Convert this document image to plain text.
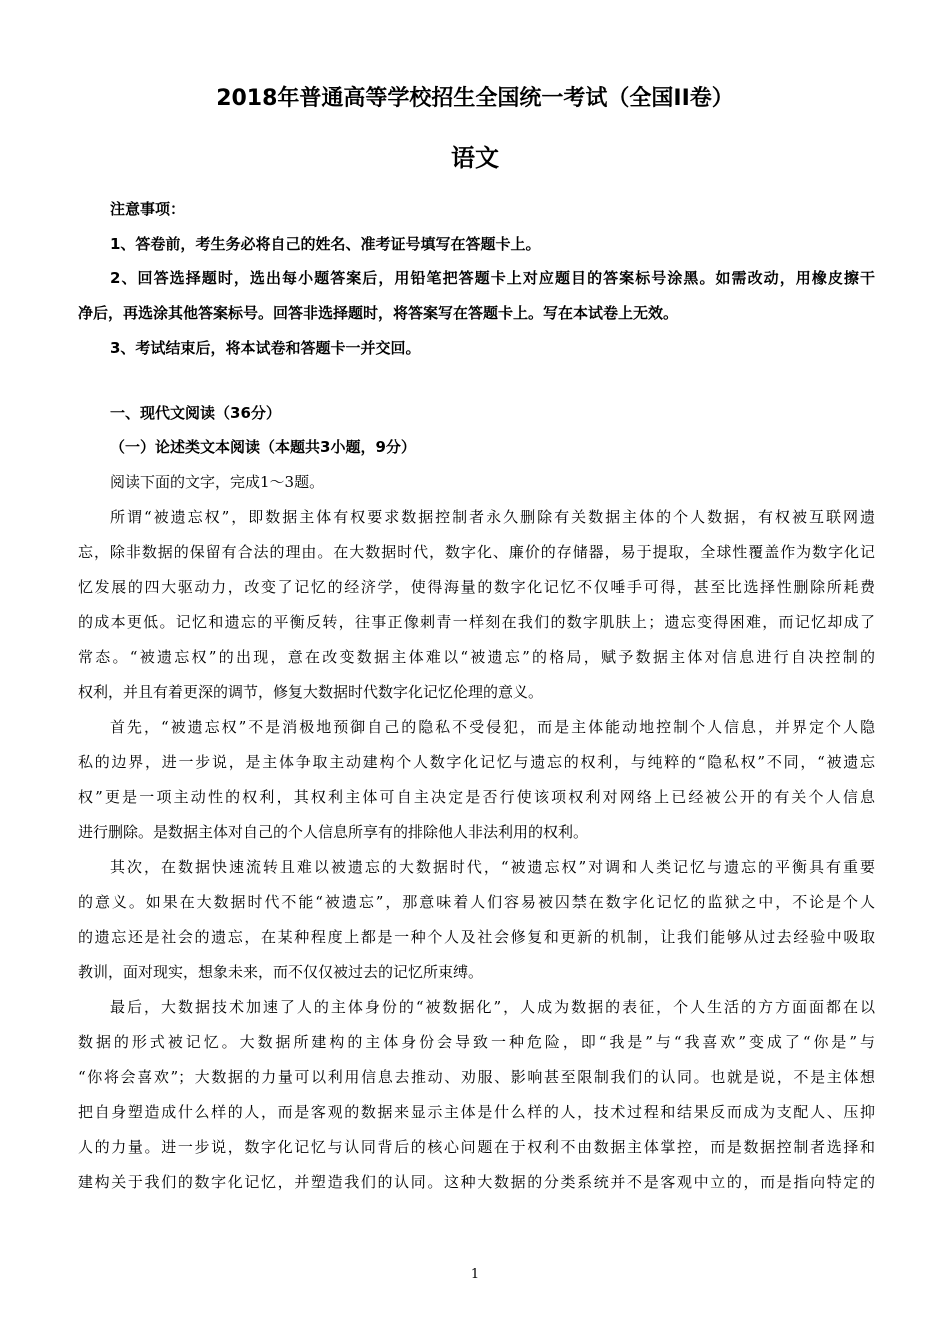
2018年普通高等学校招生全国统一考试（全国II卷）
语文
注意事项：
1、答卷前，考生务必将自己的姓名、准考证号填写在答题卡上。
2、回答选择题时，选出每小题答案后，用铅笔把答题卡上对应题目的答案标号涂黑。如需改动，用橡皮擦干
净后，再选涂其他答案标号。回答非选择题时，将答案写在答题卡上。写在本试卷上无效。
3、考试结束后，将本试卷和答题卡一并交回。
一、现代文阅读（36分）
（一）论述类文本阅读（本题共3小题，9分）
阅读下面的文字，完成1～3题。
所谓“被遗忘权”，即数据主体有权要求数据控制者永久删除有关数据主体的个人数据，有权被互联网遗
忘，除非数据的保留有合法的理由。在大数据时代，数字化、廉价的存储器，易于提取，全球性覆盖作为数字化记
忆发展的四大驱动力，改变了记忆的经济学，使得海量的数字化记忆不仅唾手可得，甚至比选择性删除所耗费
的成本更低。记忆和遗忘的平衡反转，往事正像刺青一样刻在我们的数字肌肤上；遗忘变得困难，而记忆却成了
常态。“被遗忘权”的出现，意在改变数据主体难以“被遗忘”的格局，赋予数据主体对信息进行自决控制的
权利，并且有着更深的调节，修复大数据时代数字化记忆伦理的意义。
首先，“被遗忘权”不是消极地预御自己的隐私不受侵犯，而是主体能动地控制个人信息，并界定个人隐
私的边界，进一步说，是主体争取主动建构个人数字化记忆与遗忘的权利，与纯粹的“隐私权”不同，“被遗忘
权”更是一项主动性的权利，其权利主体可自主决定是否行使该项权利对网络上已经被公开的有关个人信息
进行删除。是数据主体对自己的个人信息所享有的排除他人非法利用的权利。
其次，在数据快速流转且难以被遗忘的大数据时代，“被遗忘权”对调和人类记忆与遗忘的平衡具有重要
的意义。如果在大数据时代不能“被遗忘”，那意味着人们容易被囚禁在数字化记忆的监狱之中，不论是个人
的遗忘还是社会的遗忘，在某种程度上都是一种个人及社会修复和更新的机制，让我们能够从过去经验中吸取
教训，面对现实，想象未来，而不仅仅被过去的记忆所束缚。
最后，大数据技术加速了人的主体身份的“被数据化”，人成为数据的表征，个人生活的方方面面都在以
数据的形式被记忆。大数据所建构的主体身份会导致一种危险，即“我是”与“我喜欢”变成了“你是”与
“你将会喜欢”；大数据的力量可以利用信息去推动、劝服、影响甚至限制我们的认同。也就是说，不是主体想
把自身塑造成什么样的人，而是客观的数据来显示主体是什么样的人，技术过程和结果反而成为支配人、压抑
人的力量。进一步说，数字化记忆与认同背后的核心问题在于权利不由数据主体掌控，而是数据控制者选择和
建构关于我们的数字化记忆，并塑造我们的认同。这种大数据的分类系统并不是客观中立的，而是指向特定的
1
